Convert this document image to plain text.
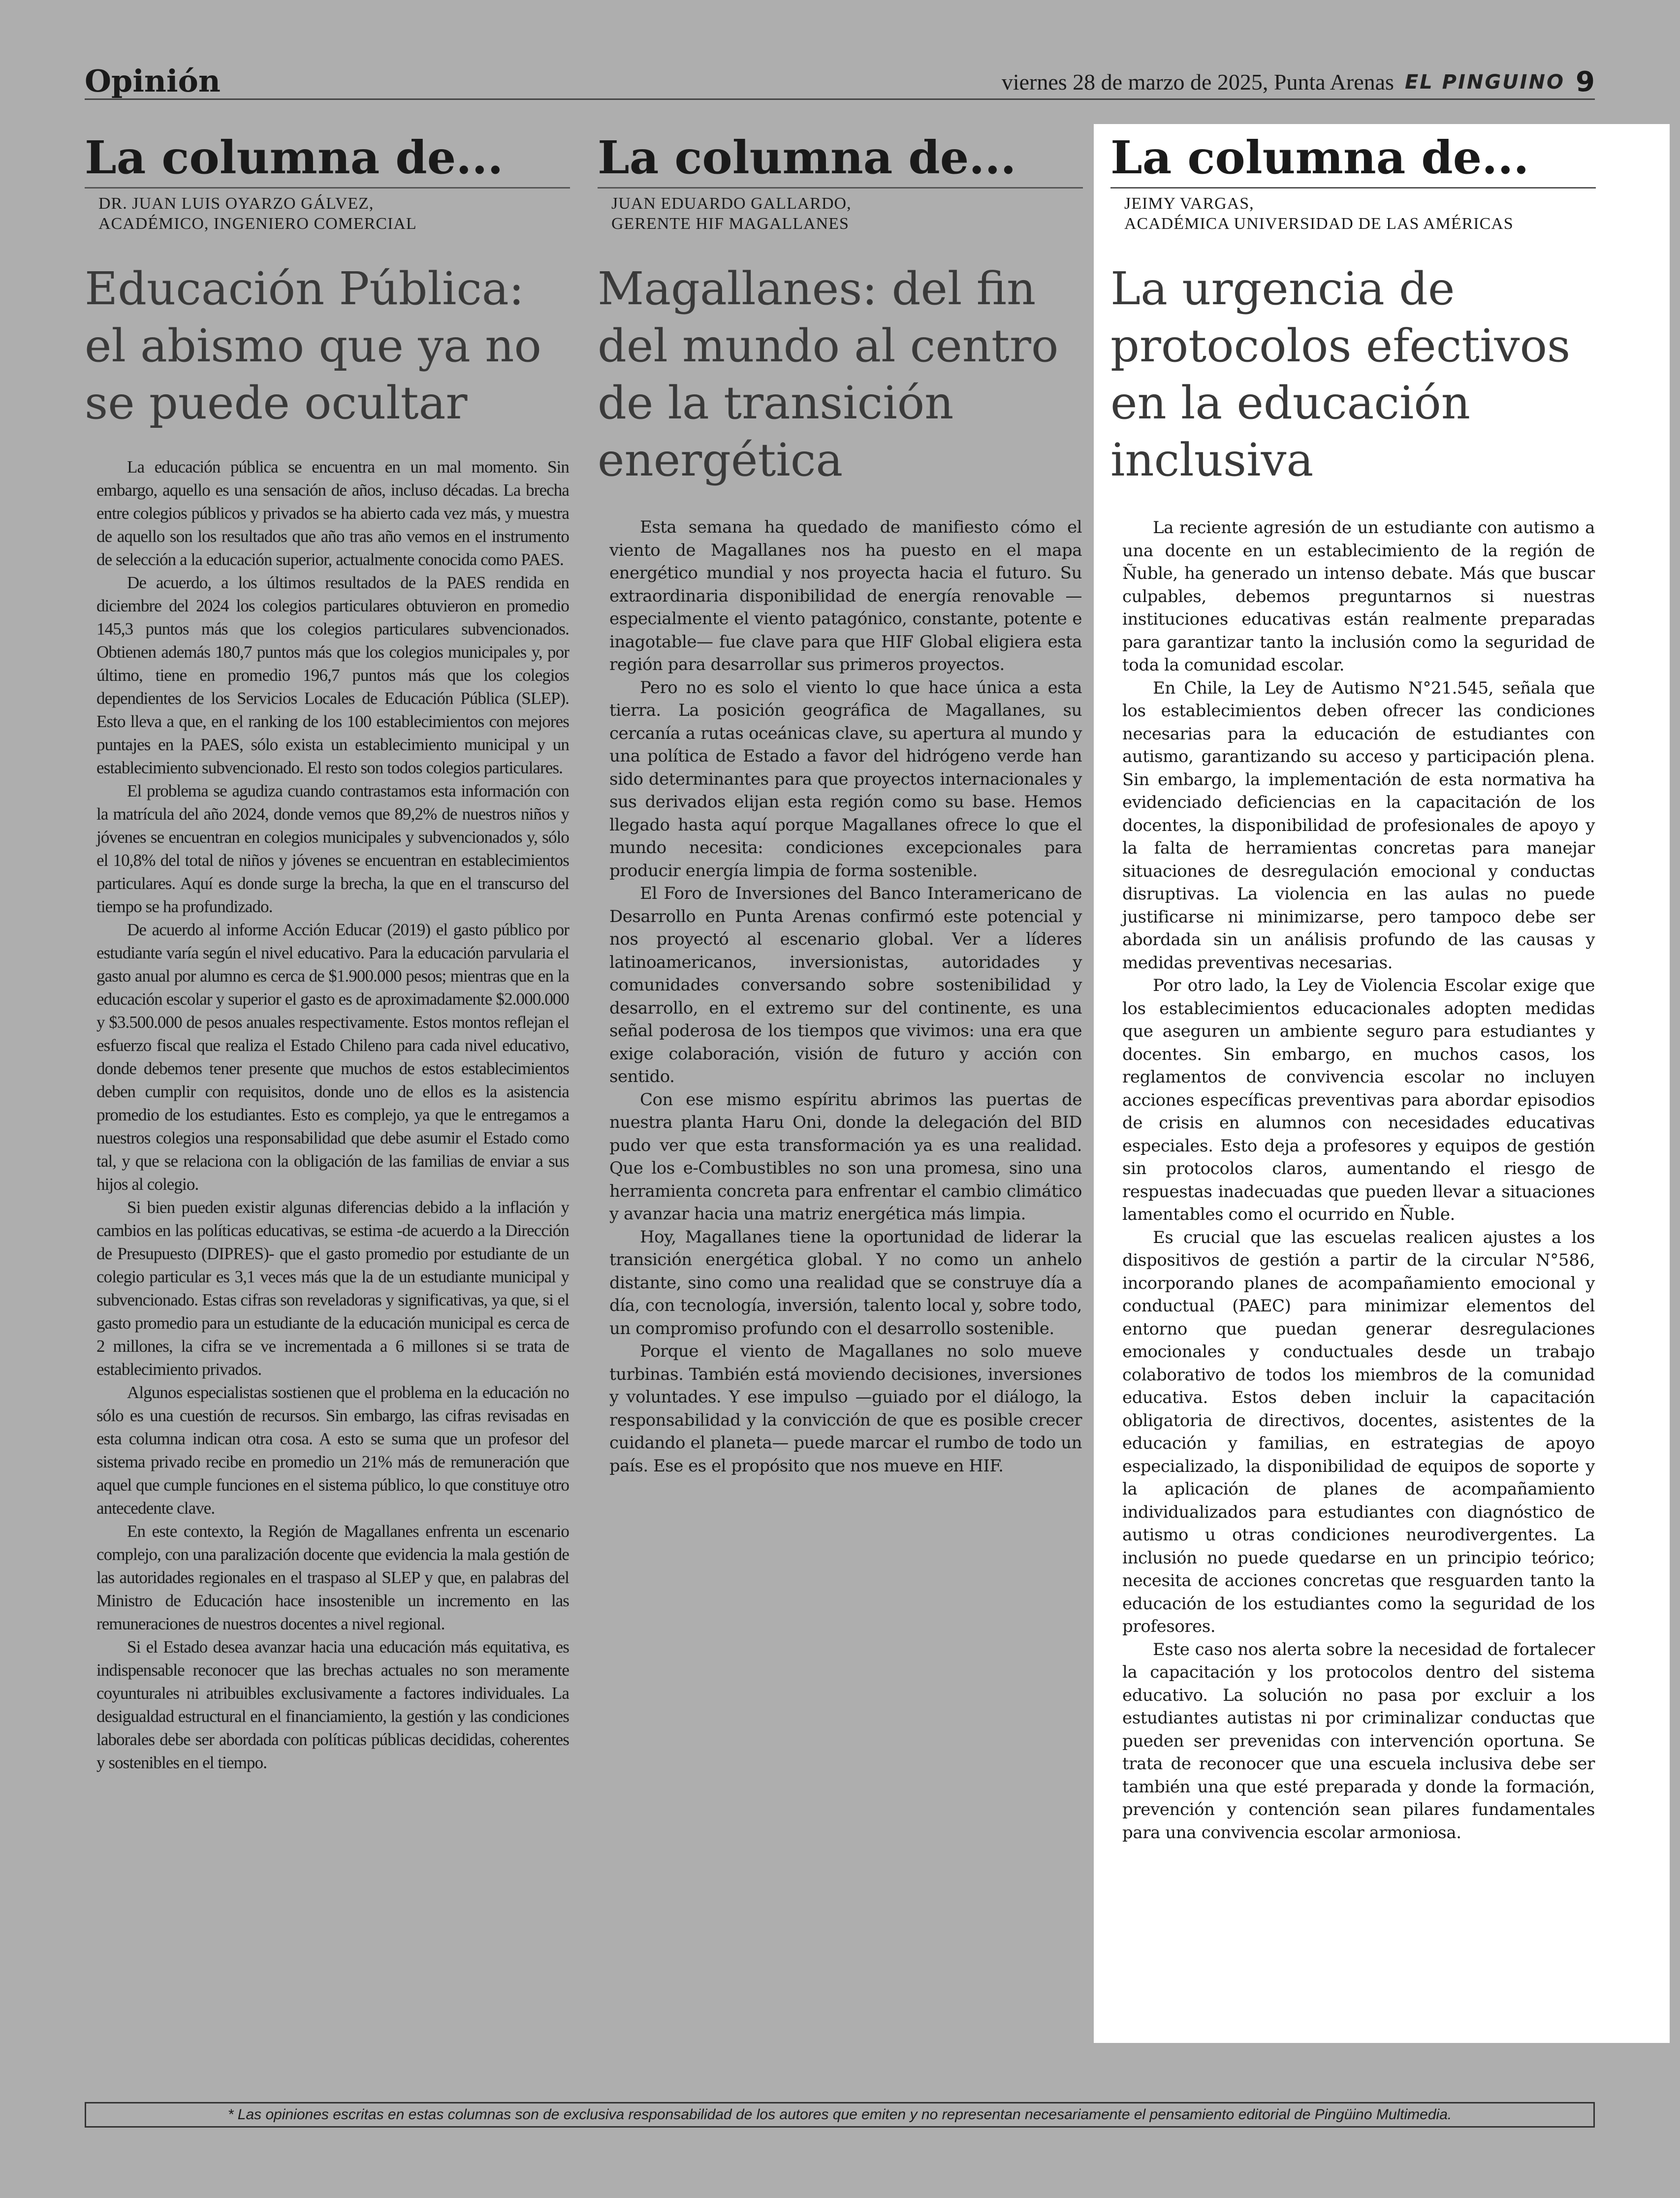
Opinión	viernes 28 de marzo de 2025, Punta Arenas EL PINGUINO 9
La columna de...
DR. JUAN LUIS OYARZO GÁLVEZ,
ACADÉMICO, INGENIERO COMERCIAL
Educación Pública:
el abismo que ya no
se puede ocultar

La educación pública se encuentra en un mal momento. Sin embargo, aquello es una sensación de años, incluso décadas. La brecha entre colegios públicos y privados se ha abierto cada vez más, y muestra de aquello son los resultados que año tras año vemos en el instrumento de selección a la educación superior, actualmente conocida como PAES.

De acuerdo, a los últimos resultados de la PAES rendida en diciembre del 2024 los colegios particulares obtuvieron en promedio 145,3 puntos más que los colegios particulares subvencionados. Obtienen además 180,7 puntos más que los colegios municipales y, por último, tiene en promedio 196,7 puntos más que los colegios dependientes de los Servicios Locales de Educación Pública (SLEP). Esto lleva a que, en el ranking de los 100 establecimientos con mejores puntajes en la PAES, sólo exista un establecimiento municipal y un establecimiento subvencionado. El resto son todos colegios particulares.

El problema se agudiza cuando contrastamos esta información con la matrícula del año 2024, donde vemos que 89,2% de nuestros niños y jóvenes se encuentran en colegios municipales y subvencionados y, sólo el 10,8% del total de niños y jóvenes se encuentran en establecimientos particulares. Aquí es donde surge la brecha, la que en el transcurso del tiempo se ha profundizado.

De acuerdo al informe Acción Educar (2019) el gasto público por estudiante varía según el nivel educativo. Para la educación parvularia el gasto anual por alumno es cerca de $1.900.000 pesos; mientras que en la educación escolar y superior el gasto es de aproximadamente $2.000.000 y $3.500.000 de pesos anuales respectivamente. Estos montos reflejan el esfuerzo fiscal que realiza el Estado Chileno para cada nivel educativo, donde debemos tener presente que muchos de estos establecimientos deben cumplir con requisitos, donde uno de ellos es la asistencia promedio de los estudiantes. Esto es complejo, ya que le entregamos a nuestros colegios una responsabilidad que debe asumir el Estado como tal, y que se relaciona con la obligación de las familias de enviar a sus hijos al colegio.

Si bien pueden existir algunas diferencias debido a la inflación y cambios en las políticas educativas, se estima -de acuerdo a la Dirección de Presupuesto (DIPRES)- que el gasto promedio por estudiante de un colegio particular es 3,1 veces más que la de un estudiante municipal y subvencionado. Estas cifras son reveladoras y significativas, ya que, si el gasto promedio para un estudiante de la educación municipal es cerca de 2 millones, la cifra se ve incrementada a 6 millones si se trata de establecimiento privados.

Algunos especialistas sostienen que el problema en la educación no sólo es una cuestión de recursos. Sin embargo, las cifras revisadas en esta columna indican otra cosa. A esto se suma que un profesor del sistema privado recibe en promedio un 21% más de remuneración que aquel que cumple funciones en el sistema público, lo que constituye otro antecedente clave.

En este contexto, la Región de Magallanes enfrenta un escenario complejo, con una paralización docente que evidencia la mala gestión de las autoridades regionales en el traspaso al SLEP y que, en palabras del Ministro de Educación hace insostenible un incremento en las remuneraciones de nuestros docentes a nivel regional.

Si el Estado desea avanzar hacia una educación más equitativa, es indispensable reconocer que las brechas actuales no son meramente coyunturales ni atribuibles exclusivamente a factores individuales. La desigualdad estructural en el financiamiento, la gestión y las condiciones laborales debe ser abordada con políticas públicas decididas, coherentes y sostenibles en el tiempo.

La columna de...
JUAN EDUARDO GALLARDO,
GERENTE HIF MAGALLANES
Magallanes: del fin
del mundo al centro
de la transición
energética

Esta semana ha quedado de manifiesto cómo el viento de Magallanes nos ha puesto en el mapa energético mundial y nos proyecta hacia el futuro. Su extraordinaria disponibilidad de energía renovable —especialmente el viento patagónico, constante, potente e inagotable— fue clave para que HIF Global eligiera esta región para desarrollar sus primeros proyectos.

Pero no es solo el viento lo que hace única a esta tierra. La posición geográfica de Magallanes, su cercanía a rutas oceánicas clave, su apertura al mundo y una política de Estado a favor del hidrógeno verde han sido determinantes para que proyectos internacionales y sus derivados elijan esta región como su base. Hemos llegado hasta aquí porque Magallanes ofrece lo que el mundo necesita: condiciones excepcionales para producir energía limpia de forma sostenible.

El Foro de Inversiones del Banco Interamericano de Desarrollo en Punta Arenas confirmó este potencial y nos proyectó al escenario global. Ver a líderes latinoamericanos, inversionistas, autoridades y comunidades conversando sobre sostenibilidad y desarrollo, en el extremo sur del continente, es una señal poderosa de los tiempos que vivimos: una era que exige colaboración, visión de futuro y acción con sentido.

Con ese mismo espíritu abrimos las puertas de nuestra planta Haru Oni, donde la delegación del BID pudo ver que esta transformación ya es una realidad. Que los e-Combustibles no son una promesa, sino una herramienta concreta para enfrentar el cambio climático y avanzar hacia una matriz energética más limpia.

Hoy, Magallanes tiene la oportunidad de liderar la transición energética global. Y no como un anhelo distante, sino como una realidad que se construye día a día, con tecnología, inversión, talento local y, sobre todo, un compromiso profundo con el desarrollo sostenible.

Porque el viento de Magallanes no solo mueve turbinas. También está moviendo decisiones, inversiones y voluntades. Y ese impulso —guiado por el diálogo, la responsabilidad y la convicción de que es posible crecer cuidando el planeta— puede marcar el rumbo de todo un país. Ese es el propósito que nos mueve en HIF.

La columna de...
JEIMY VARGAS,
ACADÉMICA UNIVERSIDAD DE LAS AMÉRICAS
La urgencia de
protocolos efectivos
en la educación
inclusiva

La reciente agresión de un estudiante con autismo a una docente en un establecimiento de la región de Ñuble, ha generado un intenso debate. Más que buscar culpables, debemos preguntarnos si nuestras instituciones educativas están realmente preparadas para garantizar tanto la inclusión como la seguridad de toda la comunidad escolar.

En Chile, la Ley de Autismo N°21.545, señala que los establecimientos deben ofrecer las condiciones necesarias para la educación de estudiantes con autismo, garantizando su acceso y participación plena. Sin embargo, la implementación de esta normativa ha evidenciado deficiencias en la capacitación de los docentes, la disponibilidad de profesionales de apoyo y la falta de herramientas concretas para manejar situaciones de desregulación emocional y conductas disruptivas. La violencia en las aulas no puede justificarse ni minimizarse, pero tampoco debe ser abordada sin un análisis profundo de las causas y medidas preventivas necesarias.

Por otro lado, la Ley de Violencia Escolar exige que los establecimientos educacionales adopten medidas que aseguren un ambiente seguro para estudiantes y docentes. Sin embargo, en muchos casos, los reglamentos de convivencia escolar no incluyen acciones específicas preventivas para abordar episodios de crisis en alumnos con necesidades educativas especiales. Esto deja a profesores y equipos de gestión sin protocolos claros, aumentando el riesgo de respuestas inadecuadas que pueden llevar a situaciones lamentables como el ocurrido en Ñuble.

Es crucial que las escuelas realicen ajustes a los dispositivos de gestión a partir de la circular N°586, incorporando planes de acompañamiento emocional y conductual (PAEC) para minimizar elementos del entorno que puedan generar desregulaciones emocionales y conductuales desde un trabajo colaborativo de todos los miembros de la comunidad educativa. Estos deben incluir la capacitación obligatoria de directivos, docentes, asistentes de la educación y familias, en estrategias de apoyo especializado, la disponibilidad de equipos de soporte y la aplicación de planes de acompañamiento individualizados para estudiantes con diagnóstico de autismo u otras condiciones neurodivergentes. La inclusión no puede quedarse en un principio teórico; necesita de acciones concretas que resguarden tanto la educación de los estudiantes como la seguridad de los profesores.

Este caso nos alerta sobre la necesidad de fortalecer la capacitación y los protocolos dentro del sistema educativo. La solución no pasa por excluir a los estudiantes autistas ni por criminalizar conductas que pueden ser prevenidas con intervención oportuna. Se trata de reconocer que una escuela inclusiva debe ser también una que esté preparada y donde la formación, prevención y contención sean pilares fundamentales para una convivencia escolar armoniosa.

* Las opiniones escritas en estas columnas son de exclusiva responsabilidad de los autores que emiten y no representan necesariamente el pensamiento editorial de Pingüino Multimedia.
